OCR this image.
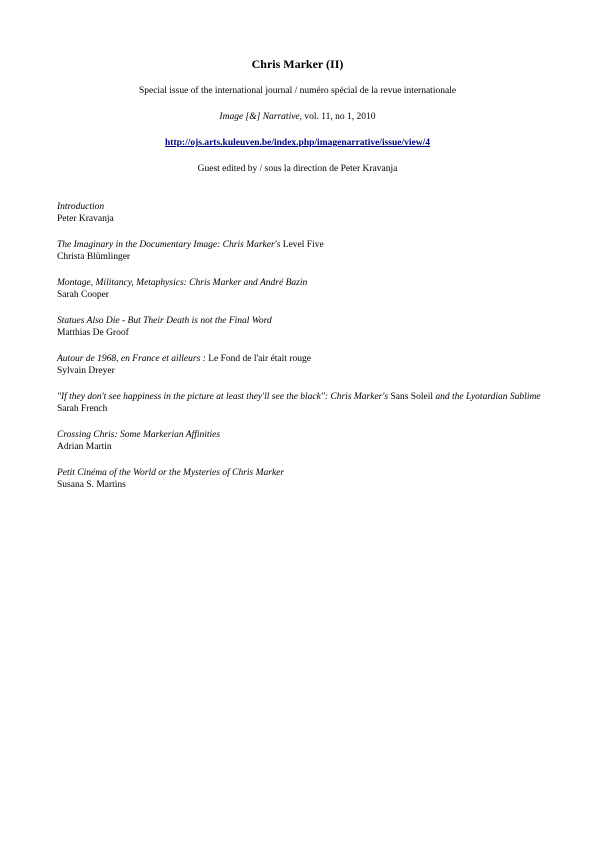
Chris Marker (II)
Special issue of the international journal / numéro spécial de la revue internationale
Image [&] Narrative, vol. 11, no 1, 2010
http://ojs.arts.kuleuven.be/index.php/imagenarrative/issue/view/4
Guest edited by / sous la direction de Peter Kravanja
Introduction
Peter Kravanja
The Imaginary in the Documentary Image: Chris Marker's Level Five
Christa Blümlinger
Montage, Militancy, Metaphysics: Chris Marker and André Bazin
Sarah Cooper
Statues Also Die - But Their Death is not the Final Word
Matthias De Groof
Autour de 1968, en France et ailleurs : Le Fond de l'air était rouge
Sylvain Dreyer
"If they don't see happiness in the picture at least they'll see the black": Chris Marker's Sans Soleil and the Lyotardian Sublime
Sarah French
Crossing Chris: Some Markerian Affinities
Adrian Martin
Petit Cinéma of the World or the Mysteries of Chris Marker
Susana S. Martins
